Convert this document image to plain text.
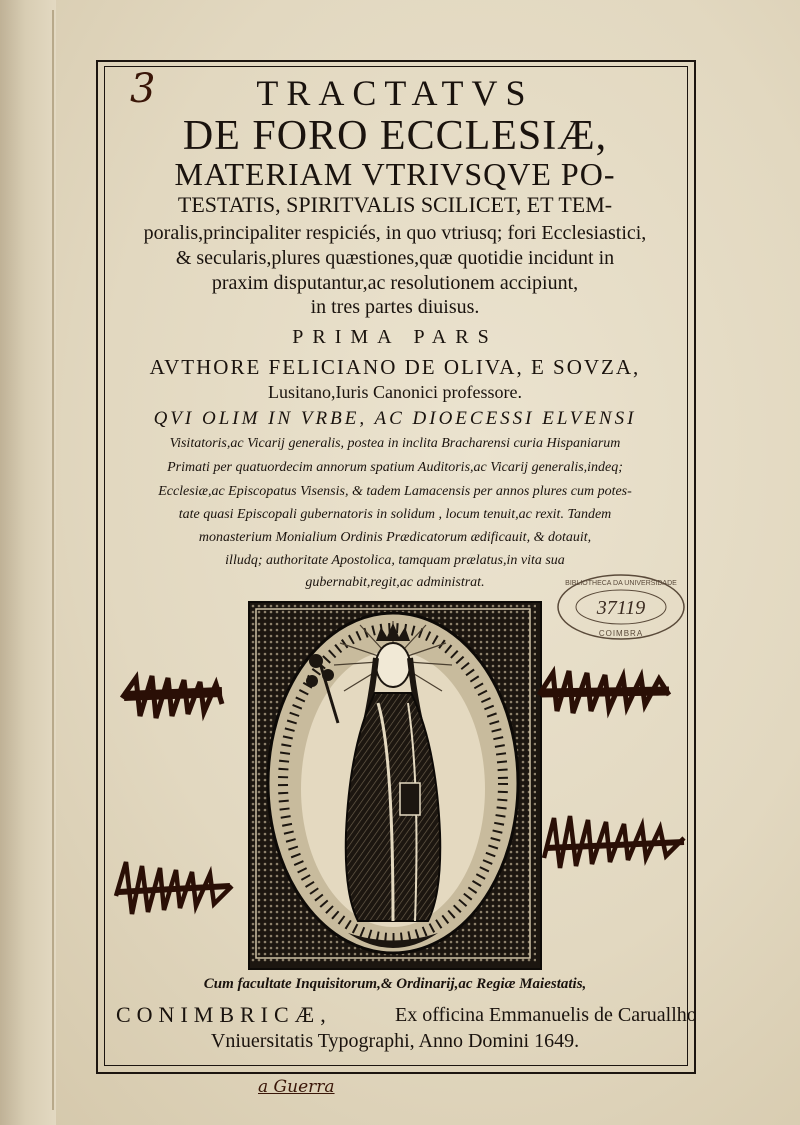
3	TRACTATVS
DE FORO ECCLESIÆ,
MATERIAM VTRIVSQVE PO-
TESTATIS, SPIRITVALIS SCILICET, ET TEM-
poralis,principaliter respiciés, in quo vtriusq; fori Ecclesiastici,
& secularis,plures quæstiones,quæ quotidie incidunt in
praxim disputantur,ac resolutionem accipiunt,
in tres partes diuisus.
PRIMA PARS
AVTHORE FELICIANO DE OLIVA, E SOVZA,
Lusitano,Iuris Canonici professore.
QVI OLIM IN VRBE, AC DIOECESSI ELVENSI
Visitatoris,ac Vicarij generalis, postea in inclita Bracharensi curia Hispaniarum
Primati per quatuordecim annorum spatium Auditoris,ac Vicarij generalis,indeq;
Ecclesiæ,ac Episcopatus Visensis, & tadem Lamacensis per annos plures cum potes-
tate quasi Episcopali gubernatoris in solidum , locum tenuit,ac rexit. Tandem
monasterium Monialium Ordinis Prædicatorum ædificauit, & dotauit,
illudq; authoritate Apostolica, tamquam prælatus,in vita sua
gubernabit,regit,ac administrat.	BIBLIOTHECA DA UNIVERSIDADE
37119
COIMBRA
Cum facultate Inquisitorum,& Ordinarij,ac Regiæ Maiestatis,
CONIMBRICÆ,	Ex officina Emmanuelis de Caruallho
Vniuersitatis Typographi, Anno Domini 1649.
a Guerra
